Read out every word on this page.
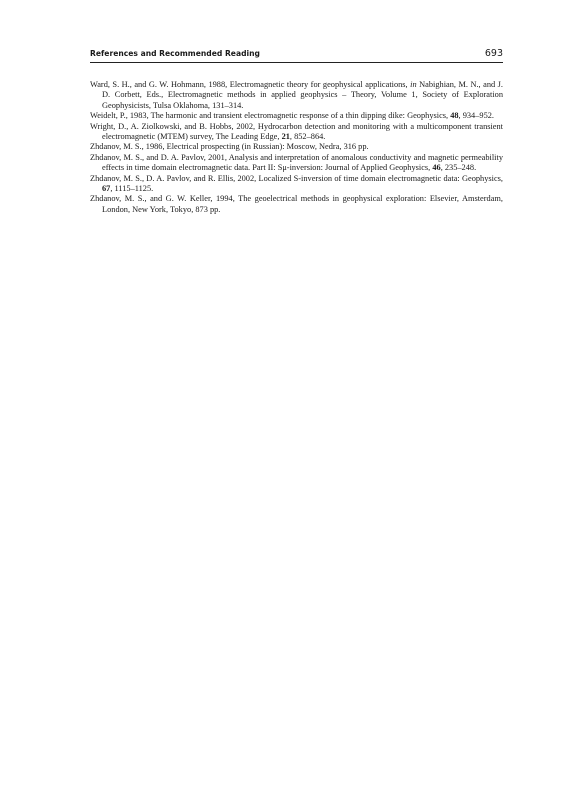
References and Recommended Reading	693

Ward, S. H., and G. W. Hohmann, 1988, Electromagnetic theory for geophysical applications, in Nabighian, M. N., and J. D. Corbett, Eds., Electromagnetic methods in applied geophysics – Theory, Volume 1, Society of Exploration Geophysicists, Tulsa Oklahoma, 131–314.

Weidelt, P., 1983, The harmonic and transient electromagnetic response of a thin dipping dike: Geophysics, 48, 934–952.

Wright, D., A. Ziolkowski, and B. Hobbs, 2002, Hydrocarbon detection and monitoring with a multicomponent transient electromagnetic (MTEM) survey, The Leading Edge, 21, 852–864.

Zhdanov, M. S., 1986, Electrical prospecting (in Russian): Moscow, Nedra, 316 pp.

Zhdanov, M. S., and D. A. Pavlov, 2001, Analysis and interpretation of anomalous conductivity and magnetic permeability effects in time domain electromagnetic data. Part II: Sμ-inversion: Journal of Applied Geophysics, 46, 235–248.

Zhdanov, M. S., D. A. Pavlov, and R. Ellis, 2002, Localized S-inversion of time domain electromagnetic data: Geophysics, 67, 1115–1125.

Zhdanov, M. S., and G. W. Keller, 1994, The geoelectrical methods in geophysical exploration: Elsevier, Amsterdam, London, New York, Tokyo, 873 pp.
